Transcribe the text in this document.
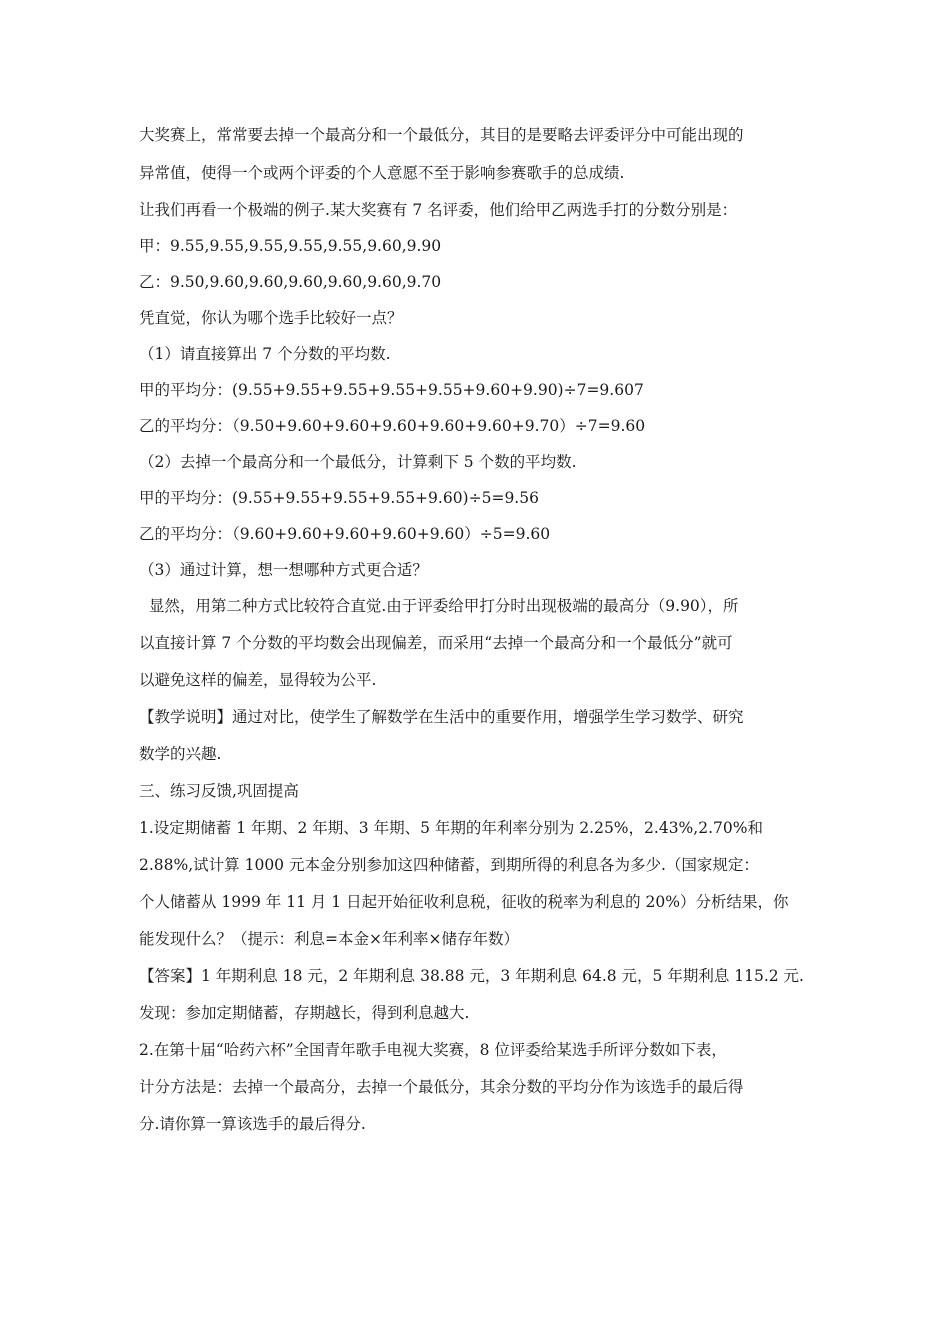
大奖赛上，常常要去掉一个最高分和一个最低分，其目的是要略去评委评分中可能出现的

异常值，使得一个或两个评委的个人意愿不至于影响参赛歌手的总成绩.

让我们再看一个极端的例子.某大奖赛有 7 名评委，他们给甲乙两选手打的分数分别是：

甲：9.55,9.55,9.55,9.55,9.55,9.60,9.90

乙：9.50,9.60,9.60,9.60,9.60,9.60,9.70

凭直觉，你认为哪个选手比较好一点？

（1）请直接算出 7 个分数的平均数.

甲的平均分：(9.55+9.55+9.55+9.55+9.55+9.60+9.90)÷7=9.607

乙的平均分：（9.50+9.60+9.60+9.60+9.60+9.60+9.70）÷7=9.60

（2）去掉一个最高分和一个最低分，计算剩下 5 个数的平均数.

甲的平均分：(9.55+9.55+9.55+9.55+9.60)÷5=9.56

乙的平均分：（9.60+9.60+9.60+9.60+9.60）÷5=9.60

（3）通过计算，想一想哪种方式更合适？

显然，用第二种方式比较符合直觉.由于评委给甲打分时出现极端的最高分（9.90），所

以直接计算 7 个分数的平均数会出现偏差，而采用“去掉一个最高分和一个最低分”就可

以避免这样的偏差，显得较为公平.

【教学说明】通过对比，使学生了解数学在生活中的重要作用，增强学生学习数学、研究

数学的兴趣.

三、练习反馈,巩固提高

1.设定期储蓄 1 年期、2 年期、3 年期、5 年期的年利率分别为 2.25%，2.43%,2.70%和

2.88%,试计算 1000 元本金分别参加这四种储蓄，到期所得的利息各为多少.（国家规定：

个人储蓄从 1999 年 11 月 1 日起开始征收利息税，征收的税率为利息的 20%）分析结果，你

能发现什么？（提示：利息=本金×年利率×储存年数）

【答案】1 年期利息 18 元，2 年期利息 38.88 元，3 年期利息 64.8 元，5 年期利息 115.2 元.

发现：参加定期储蓄，存期越长，得到利息越大.

2.在第十届“哈药六杯”全国青年歌手电视大奖赛，8 位评委给某选手所评分数如下表，

计分方法是：去掉一个最高分，去掉一个最低分，其余分数的平均分作为该选手的最后得

分.请你算一算该选手的最后得分.
